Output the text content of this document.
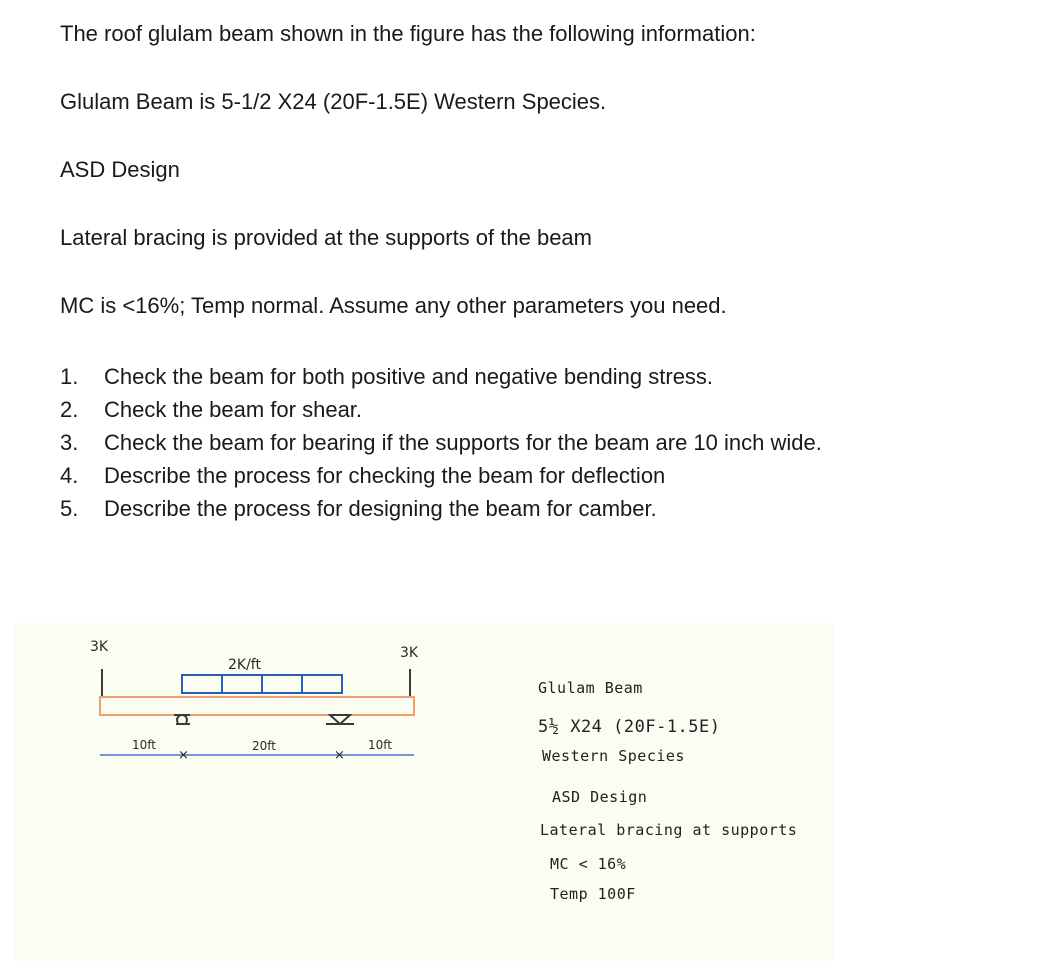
The roof glulam beam shown in the figure has the following information:

Glulam Beam is 5-1/2 X24 (20F-1.5E) Western Species.

ASD Design

Lateral bracing is provided at the supports of the beam

MC is <16%; Temp normal. Assume any other parameters you need.

1.	Check the beam for both positive and negative bending stress.
2.	Check the beam for shear.
3.	Check the beam for bearing if the supports for the beam are 10 inch wide.
4.	Describe the process for checking the beam for deflection
5.	Describe the process for designing the beam for camber.
×	×
3K	3K
2K/ft
10ft	20ft	10ft
Glulam Beam
5½ X24 (20F-1.5E)
Western Species
ASD Design
Lateral bracing at supports
MC < 16%
Temp 100F
